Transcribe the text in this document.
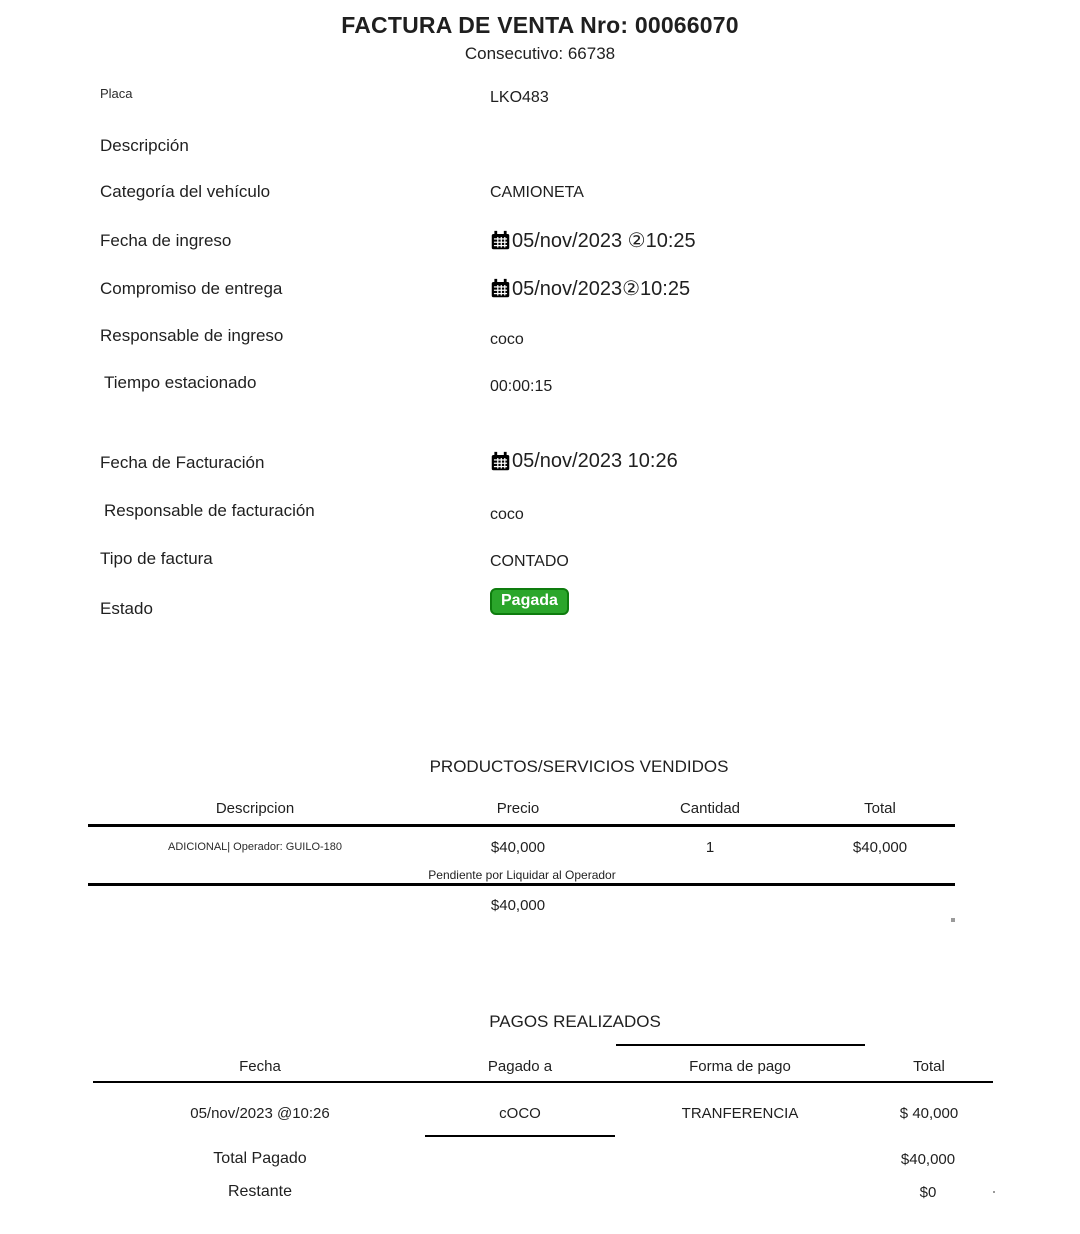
FACTURA DE VENTA Nro: 00066070
Consecutivo: 66738
Placa	LKO483
Descripción
Categoría del vehículo	CAMIONETA
Fecha de ingreso	05/nov/2023 ②10:25
Compromiso de entrega	05/nov/2023②10:25
Responsable de ingreso	coco
Tiempo estacionado	00:00:15
Fecha de Facturación	05/nov/2023 10:26
Responsable de facturación	coco
Tipo de factura	CONTADO
Estado	Pagada
PRODUCTOS/SERVICIOS VENDIDOS
Descripcion	Precio	Cantidad	Total
ADICIONAL| Operador: GUILO-180	$40,000	1	$40,000
Pendiente por Liquidar al Operador
$40,000
PAGOS REALIZADOS
Fecha	Pagado a	Forma de pago	Total
05/nov/2023 @10:26	cOCO	TRANFERENCIA	$ 40,000
Total Pagado	$40,000
Restante	$0
